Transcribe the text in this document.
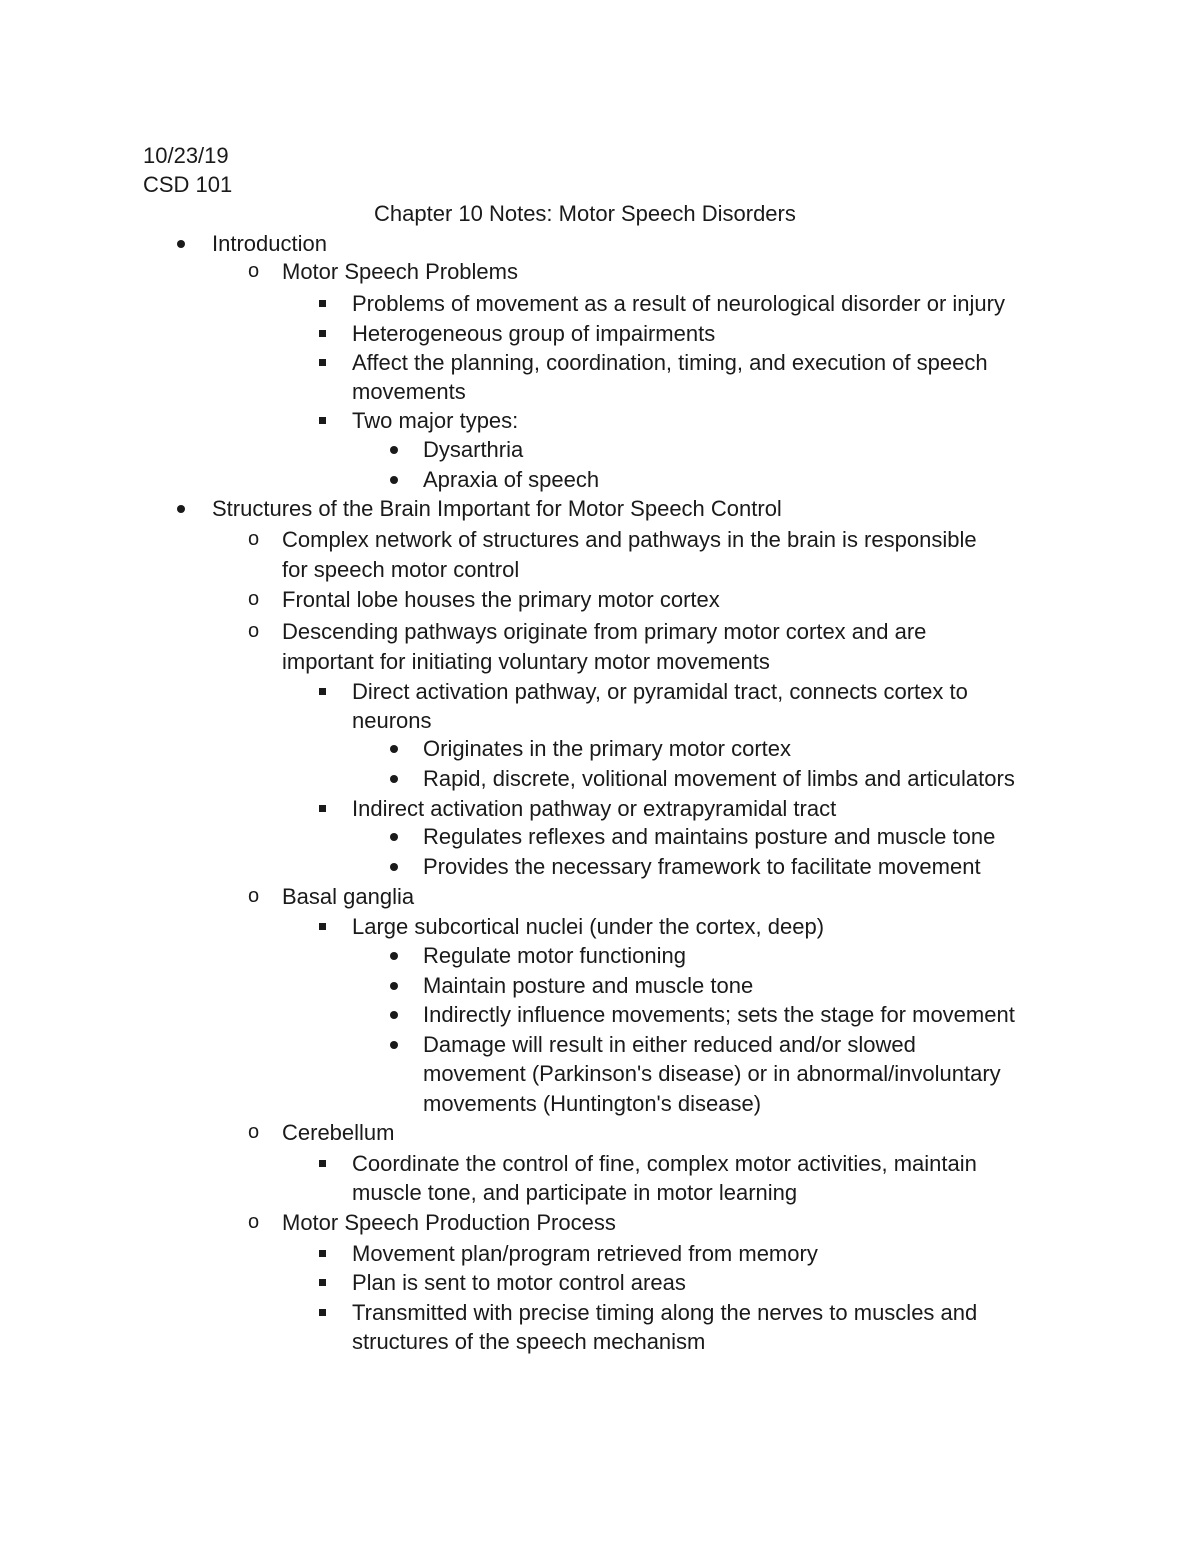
10/23/19
CSD 101
Chapter 10 Notes: Motor Speech Disorders
Introduction
o Motor Speech Problems
Problems of movement as a result of neurological disorder or injury
Heterogeneous group of impairments
Affect the planning, coordination, timing, and execution of speech
movements
Two major types:
Dysarthria
Apraxia of speech
Structures of the Brain Important for Motor Speech Control
o Complex network of structures and pathways in the brain is responsible
for speech motor control
o Frontal lobe houses the primary motor cortex
o Descending pathways originate from primary motor cortex and are
important for initiating voluntary motor movements
Direct activation pathway, or pyramidal tract, connects cortex to
neurons
Originates in the primary motor cortex
Rapid, discrete, volitional movement of limbs and articulators
Indirect activation pathway or extrapyramidal tract
Regulates reflexes and maintains posture and muscle tone
Provides the necessary framework to facilitate movement
o Basal ganglia
Large subcortical nuclei (under the cortex, deep)
Regulate motor functioning
Maintain posture and muscle tone
Indirectly influence movements; sets the stage for movement
Damage will result in either reduced and/or slowed
movement (Parkinson's disease) or in abnormal/involuntary
movements (Huntington's disease)
o Cerebellum
Coordinate the control of fine, complex motor activities, maintain
muscle tone, and participate in motor learning
o Motor Speech Production Process
Movement plan/program retrieved from memory
Plan is sent to motor control areas
Transmitted with precise timing along the nerves to muscles and
structures of the speech mechanism
